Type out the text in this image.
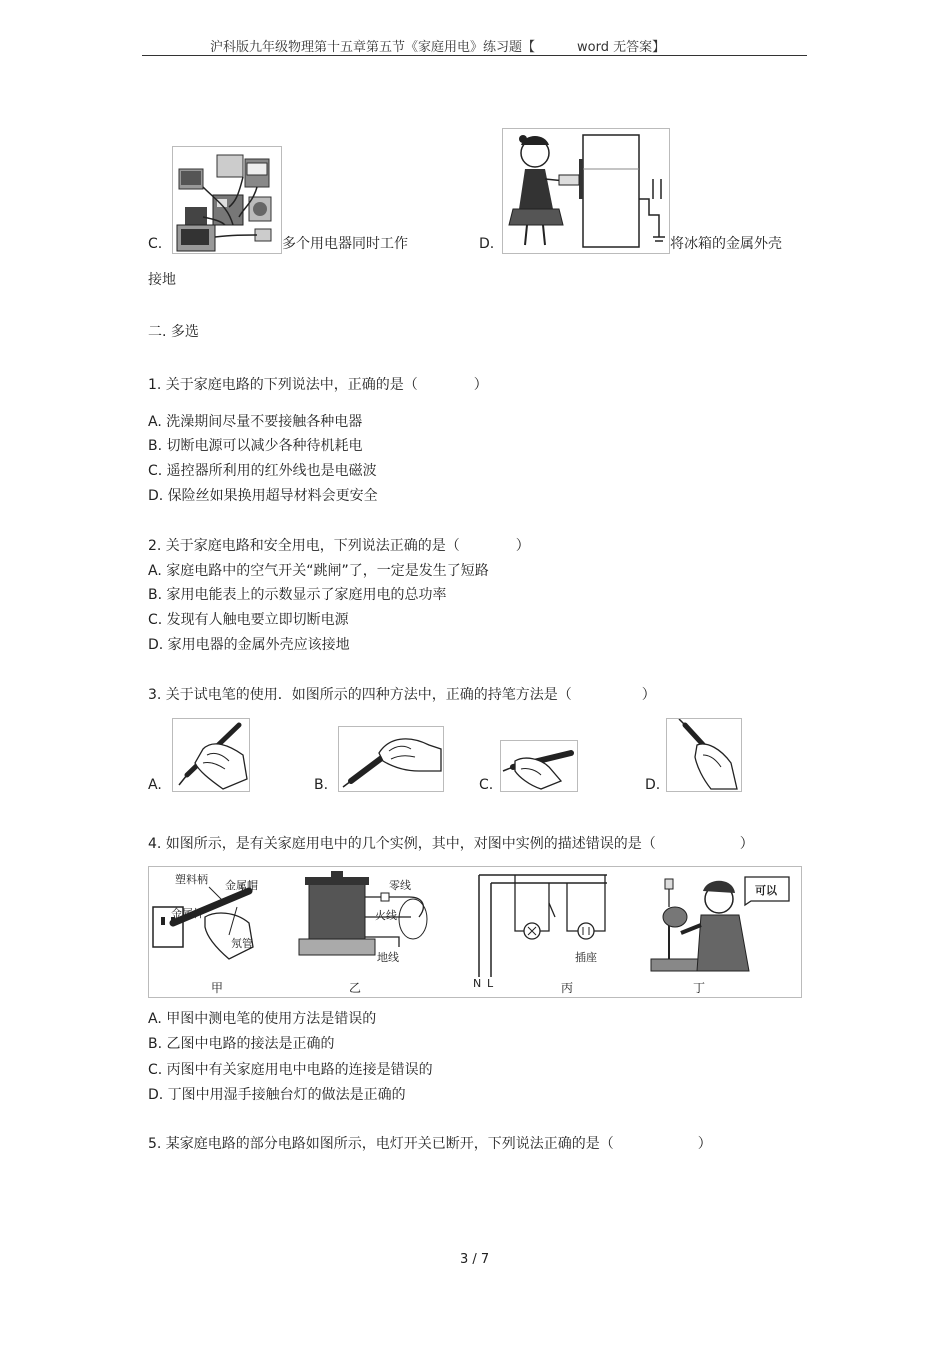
沪科版九年级物理第十五章第五节《家庭用电》练习题【	word 无答案】
C.	多个用电器同时工作	D.	将冰箱的金属外壳
接地
二. 多选
1. 关于家庭电路的下列说法中，正确的是（　　　　）
A. 洗澡期间尽量不要接触各种电器
B. 切断电源可以减少各种待机耗电
C. 遥控器所利用的红外线也是电磁波
D. 保险丝如果换用超导材料会更安全
2. 关于家庭电路和安全用电，下列说法正确的是（　　　　）
A. 家庭电路中的空气开关“跳闸”了，一定是发生了短路
B. 家用电能表上的示数显示了家庭用电的总功率
C. 发现有人触电要立即切断电源
D. 家用电器的金属外壳应该接地
3. 关于试电笔的使用．如图所示的四种方法中，正确的持笔方法是（　　　　　）
A.	B.	C.	D.
4. 如图所示，是有关家庭用电中的几个实例，其中，对图中实例的描述错误的是（　　　　　　）
塑料柄 金属帽
金属杆
氖管
零线
火线
地线
N L
插座
可以
甲	乙	丙	丁
A. 甲图中测电笔的使用方法是错误的
B. 乙图中电路的接法是正确的
C. 丙图中有关家庭用电中电路的连接是错误的
D. 丁图中用湿手接触台灯的做法是正确的
5. 某家庭电路的部分电路如图所示，电灯开关已断开，下列说法正确的是（　　　　　　）
3 / 7
